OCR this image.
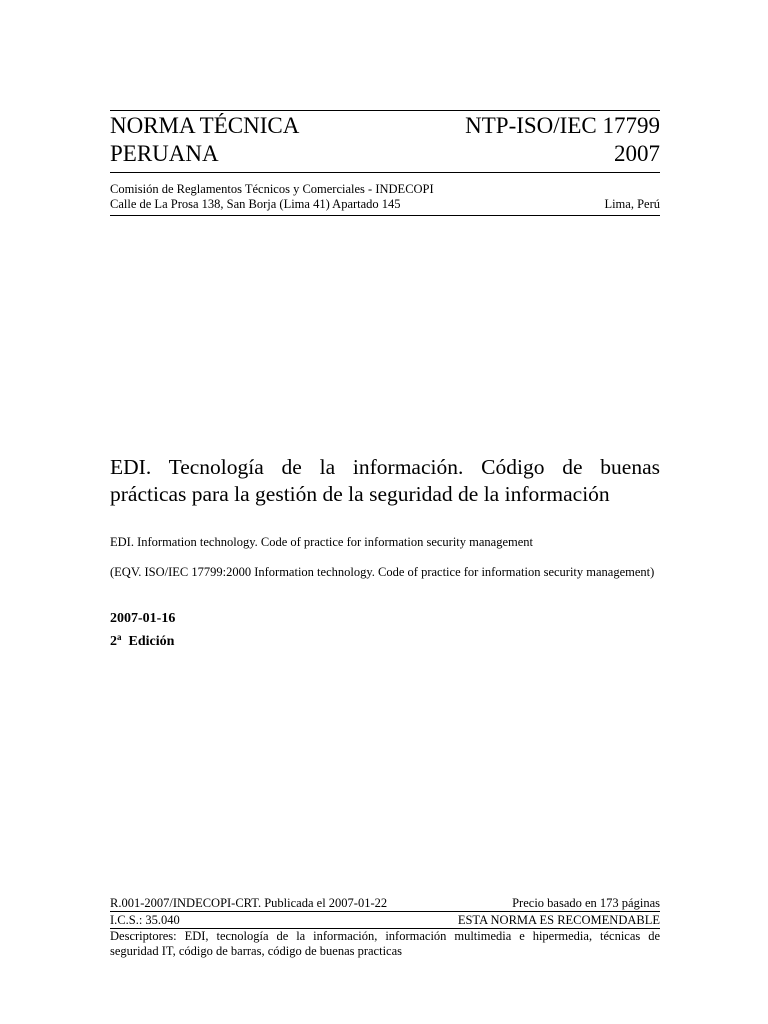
NORMA TÉCNICA
PERUANA
NTP-ISO/IEC 17799
2007
Comisión de Reglamentos Técnicos y Comerciales - INDECOPI
Calle de La Prosa 138, San Borja (Lima 41) Apartado 145	Lima, Perú
EDI. Tecnología de la información. Código de buenas
prácticas para la gestión de la seguridad de la información
EDI. Information technology. Code of practice for information security management
(EQV. ISO/IEC 17799:2000 Information technology. Code of practice for information security management)
2007-01-16
2$^a$ Edición
R.001-2007/INDECOPI-CRT. Publicada el 2007-01-22	Precio basado en 173 páginas
I.C.S.: 35.040	ESTA NORMA ES RECOMENDABLE
Descriptores: EDI, tecnología de la información, información multimedia e hipermedia, técnicas de
seguridad IT, código de barras, código de buenas practicas
